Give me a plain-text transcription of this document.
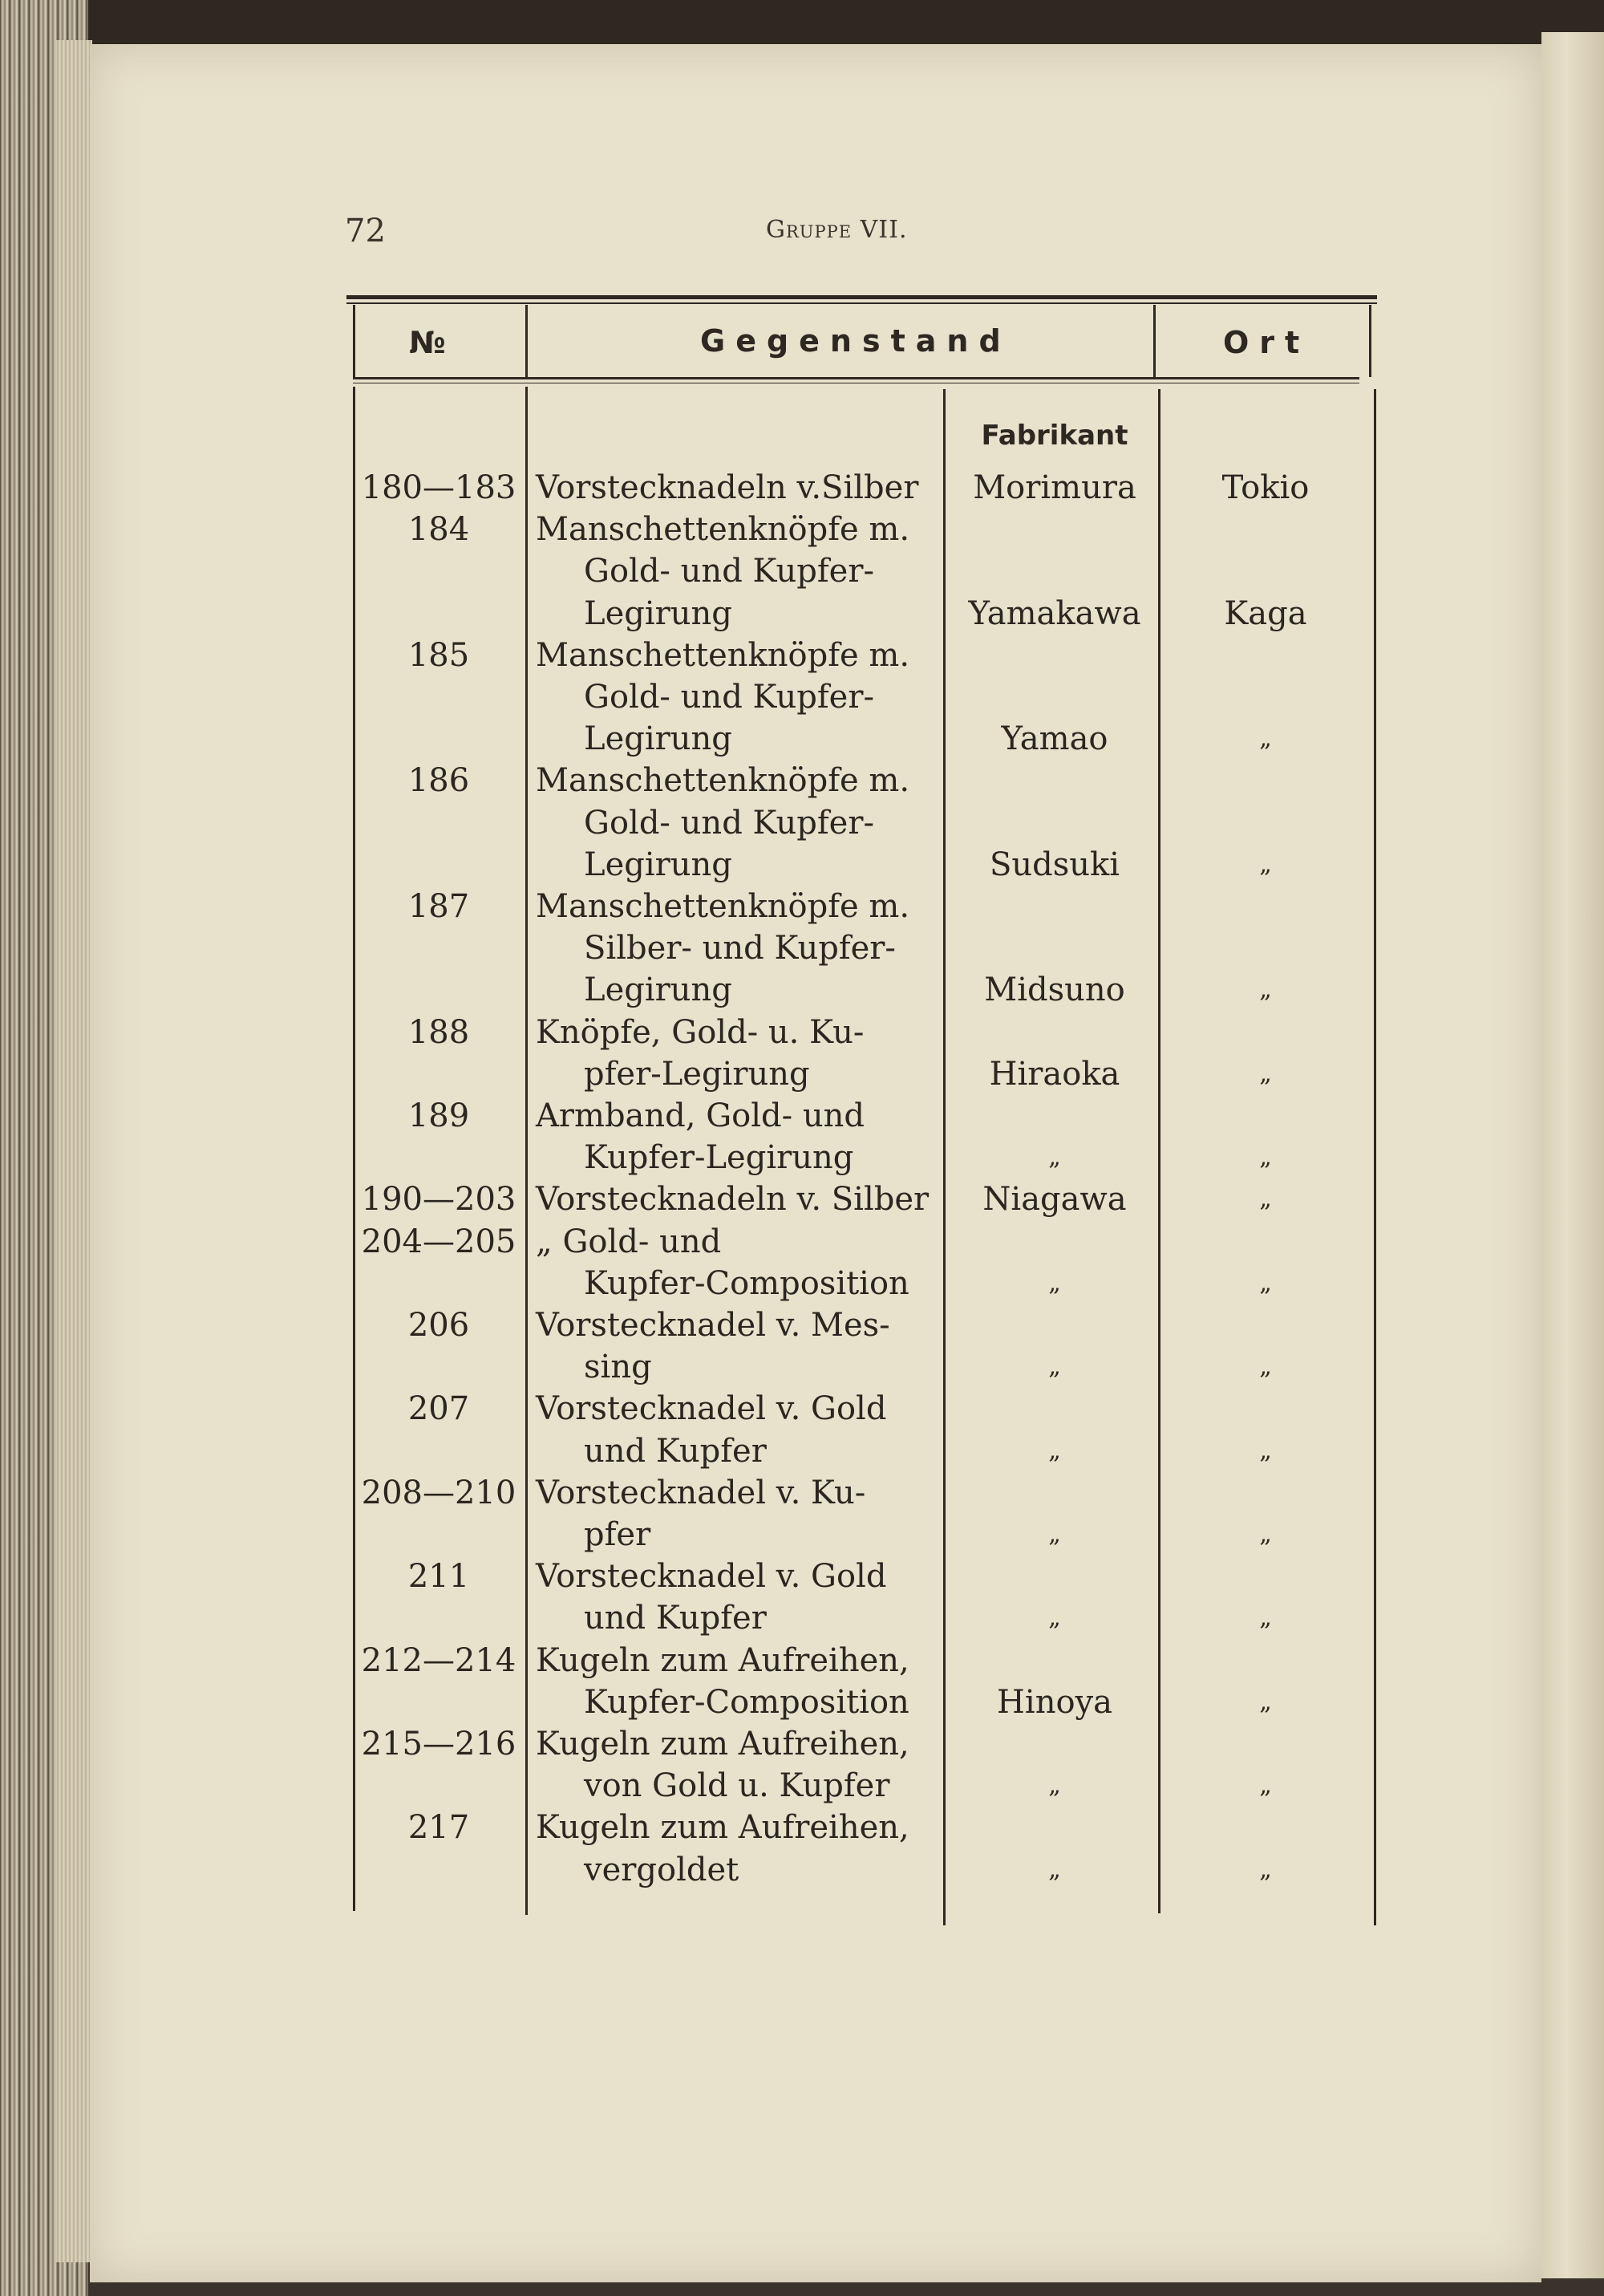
72	Gruppe VII.
№	Gegenstand	Ort
Fabrikant
180—183 Vorstecknadeln v.Silber	Morimura	Tokio
184	Manschettenknöpfe m.
Gold- und Kupfer-
Legirung	Yamakawa	Kaga
185	Manschettenknöpfe m.
Gold- und Kupfer-
Legirung	Yamao	„
186	Manschettenknöpfe m.
Gold- und Kupfer-
Legirung	Sudsuki	„
187	Manschettenknöpfe m.
Silber- und Kupfer-
Legirung	Midsuno	„
188	Knöpfe, Gold- u. Ku-
pfer-Legirung	Hiraoka	„
189	Armband, Gold- und
Kupfer-Legirung	„	„
190—203 Vorstecknadeln v. Silber	Niagawa	„
204—205 „ Gold- und
Kupfer-Composition	„	„
206	Vorstecknadel v. Mes-
sing	„	„
207	Vorstecknadel v. Gold
und Kupfer	„	„
208—210 Vorstecknadel v. Ku-
pfer	„	„
211	Vorstecknadel v. Gold
und Kupfer	„	„
212—214 Kugeln zum Aufreihen,
Kupfer-Composition	Hinoya	„
215—216 Kugeln zum Aufreihen,
von Gold u. Kupfer	„	„
217	Kugeln zum Aufreihen,
vergoldet	„	„
